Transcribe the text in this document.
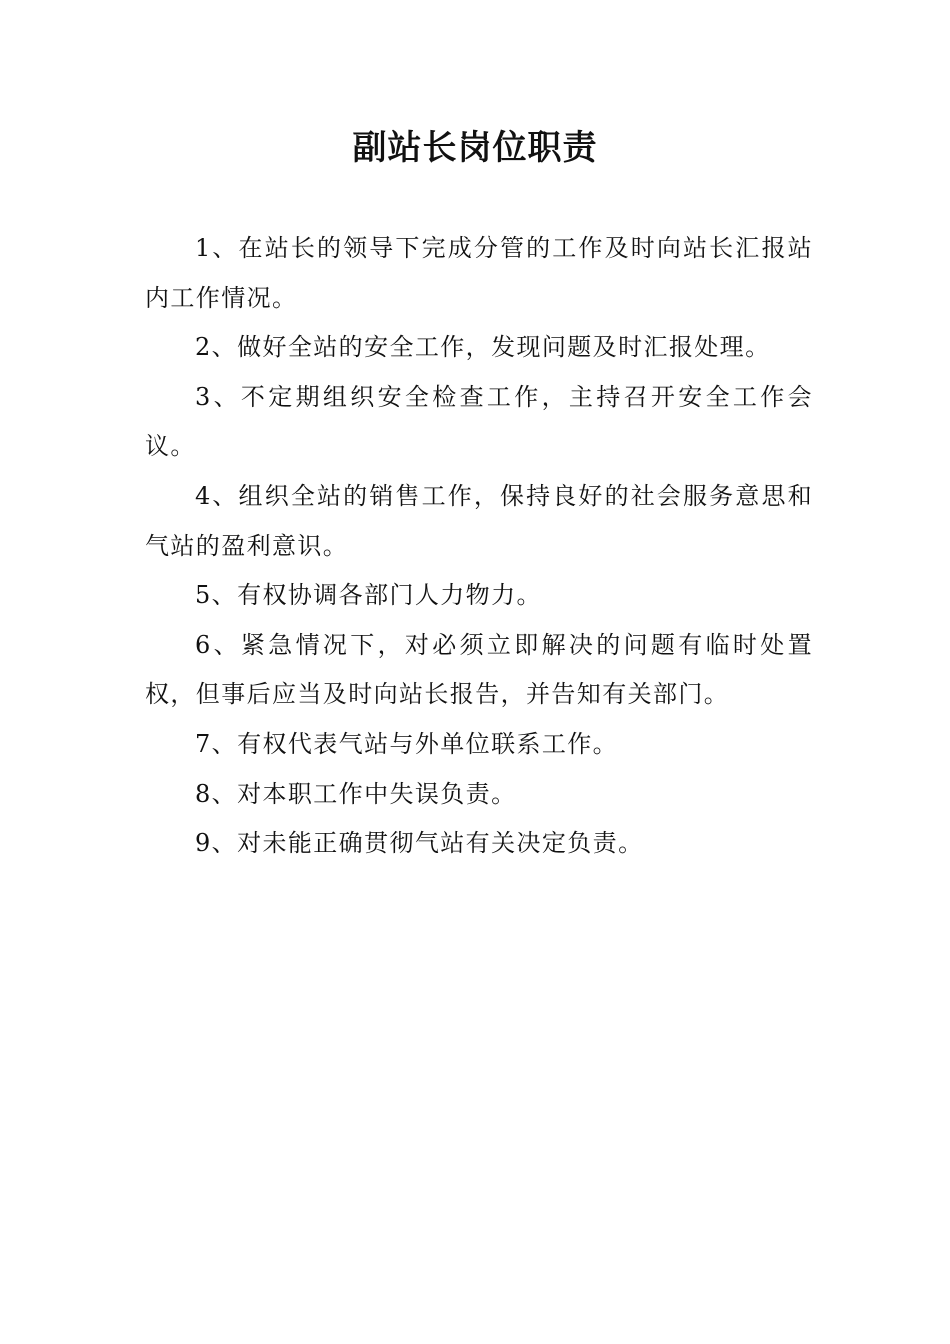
副站长岗位职责

1、在站长的领导下完成分管的工作及时向站长汇报站内工作情况。

2、做好全站的安全工作，发现问题及时汇报处理。

3、不定期组织安全检查工作，主持召开安全工作会议。

4、组织全站的销售工作，保持良好的社会服务意思和气站的盈利意识。

5、有权协调各部门人力物力。

6、紧急情况下，对必须立即解决的问题有临时处置权，但事后应当及时向站长报告，并告知有关部门。

7、有权代表气站与外单位联系工作。

8、对本职工作中失误负责。

9、对未能正确贯彻气站有关决定负责。
